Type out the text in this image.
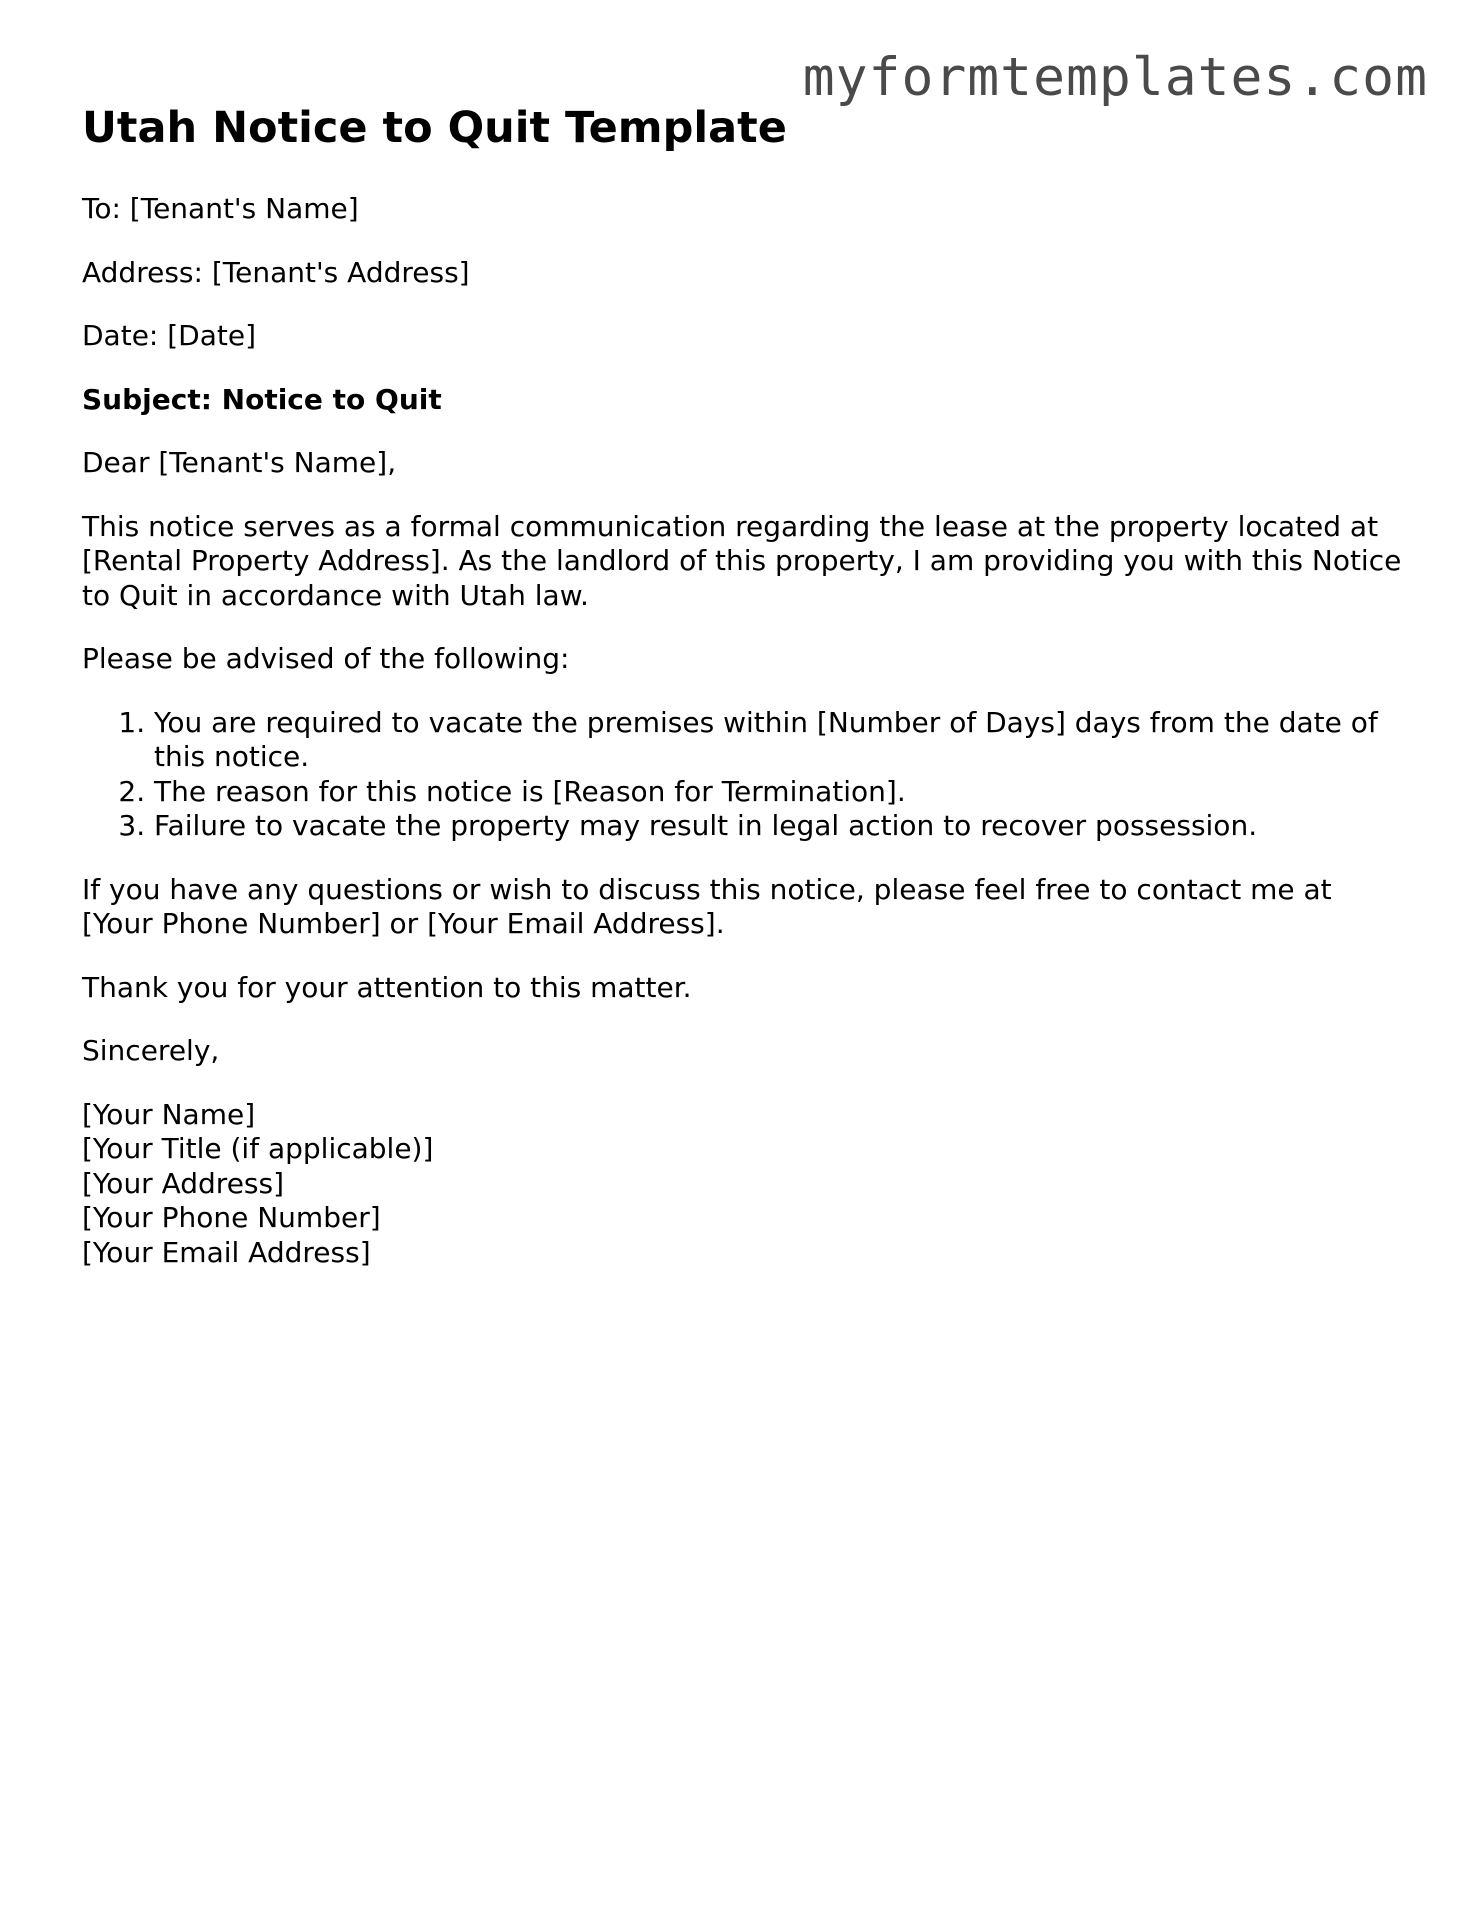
myformtemplates.com
Utah Notice to Quit Template

To: [Tenant's Name]

Address: [Tenant's Address]

Date: [Date]

Subject: Notice to Quit

Dear [Tenant's Name],

This notice serves as a formal communication regarding the lease at the property located at [Rental Property Address]. As the landlord of this property, I am providing you with this Notice to Quit in accordance with Utah law.

Please be advised of the following:

1. You are required to vacate the premises within [Number of Days] days from the date of this notice.
2. The reason for this notice is [Reason for Termination].
3. Failure to vacate the property may result in legal action to recover possession.

If you have any questions or wish to discuss this notice, please feel free to contact me at [Your Phone Number] or [Your Email Address].

Thank you for your attention to this matter.

Sincerely,

[Your Name]
[Your Title (if applicable)]
[Your Address]
[Your Phone Number]
[Your Email Address]
